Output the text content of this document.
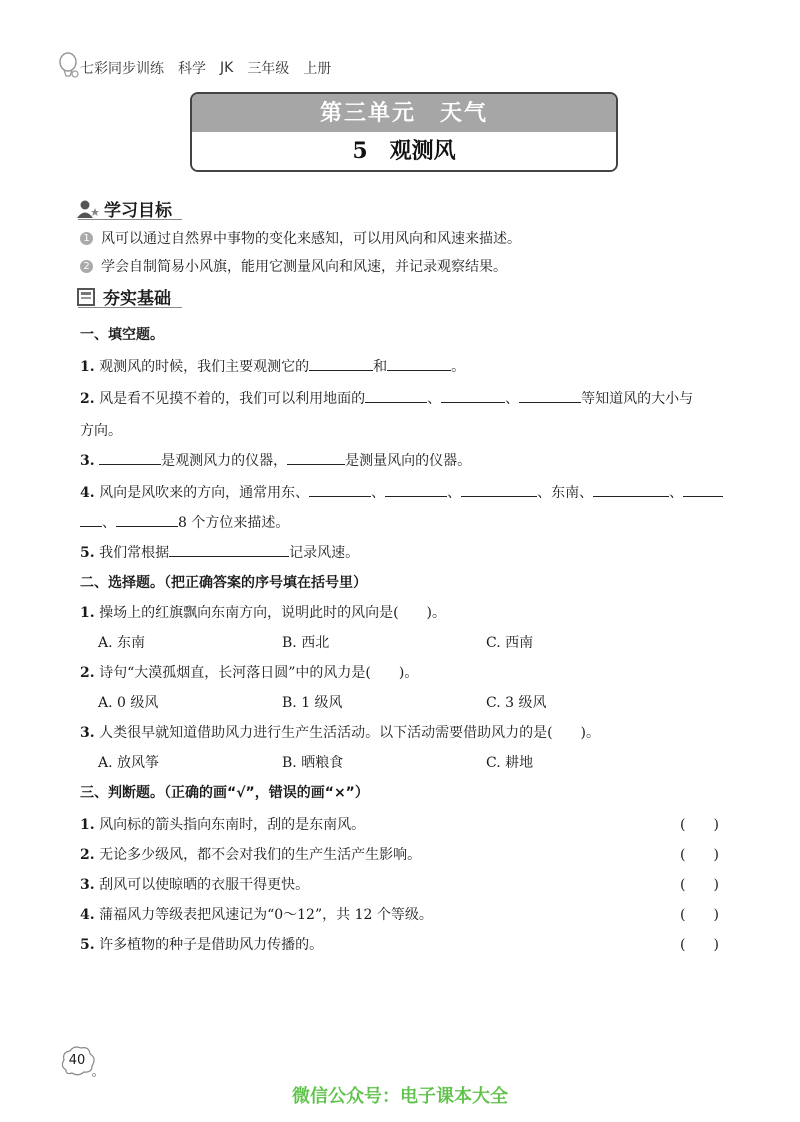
七彩同步训练 科学 JK 三年级 上册
第三单元　天气
5　观测风
学习目标
1 风可以通过自然界中事物的变化来感知，可以用风向和风速来描述。
2 学会自制简易小风旗，能用它测量风向和风速，并记录观察结果。
夯实基础
一、填空题。
1. 观测风的时候，我们主要观测它的	和	。
2. 风是看不见摸不着的，我们可以利用地面的	、	、	等知道风的大小与
方向。
3.	是观测风力的仪器，	是测量风向的仪器。
4. 风向是风吹来的方向，通常用东、	、	、	、东南、	、
、	8 个方位来描述。
5. 我们常根据	记录风速。
二、选择题。（把正确答案的序号填在括号里）
1. 操场上的红旗飘向东南方向，说明此时的风向是(　　)。
A. 东南	B. 西北	C. 西南
2. 诗句“大漠孤烟直，长河落日圆”中的风力是(　　)。
A. 0 级风	B. 1 级风	C. 3 级风
3. 人类很早就知道借助风力进行生产生活活动。以下活动需要借助风力的是(　　)。
A. 放风筝	B. 晒粮食	C. 耕地
三、判断题。（正确的画“√”，错误的画“×”）
1. 风向标的箭头指向东南时，刮的是东南风。	(　　)
2. 无论多少级风，都不会对我们的生产生活产生影响。	(　　)
3. 刮风可以使晾晒的衣服干得更快。	(　　)
4. 蒲福风力等级表把风速记为“0～12”，共 12 个等级。	(　　)
5. 许多植物的种子是借助风力传播的。	(　　)
40
微信公众号：电子课本大全
